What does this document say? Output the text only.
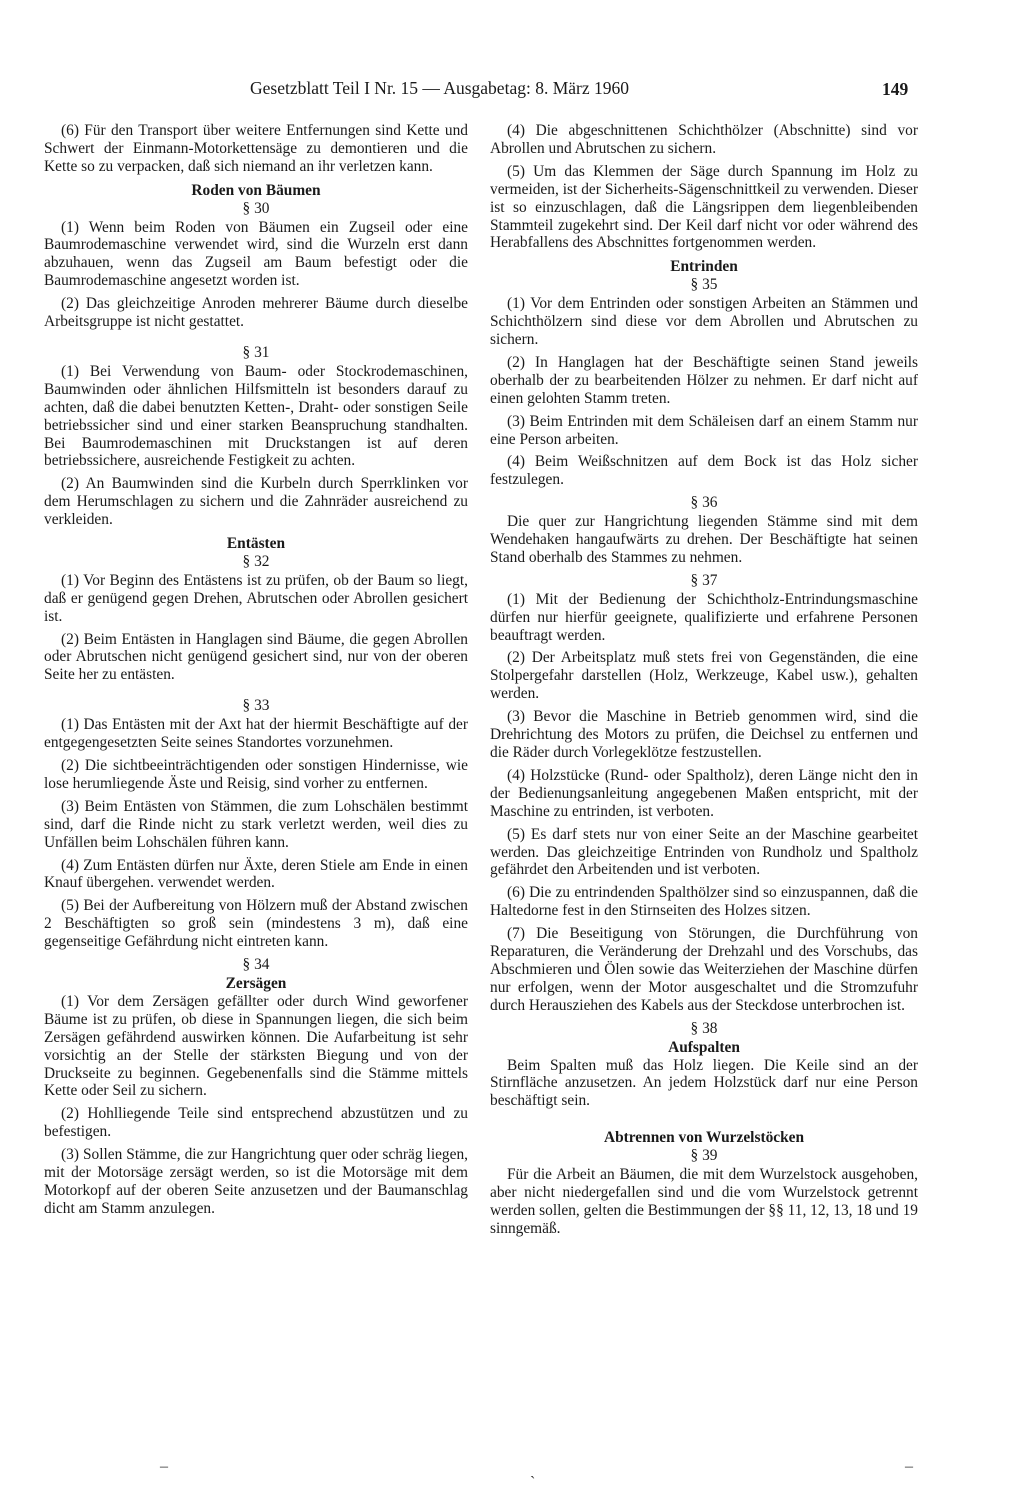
Gesetzblatt Teil I Nr. 15 — Ausgabetag: 8. März 1960	149

(6) Für den Transport über weitere Entfernungen sind Kette und Schwert der Einmann-Motorkettensäge zu demontieren und die Kette so zu verpacken, daß sich niemand an ihr verletzen kann.

Roden von Bäumen
§ 30

(1) Wenn beim Roden von Bäumen ein Zugseil oder eine Baumrodemaschine verwendet wird, sind die Wurzeln erst dann abzuhauen, wenn das Zugseil am Baum befestigt oder die Baumrodemaschine angesetzt worden ist.

(2) Das gleichzeitige Anroden mehrerer Bäume durch dieselbe Arbeitsgruppe ist nicht gestattet.

§ 31

(1) Bei Verwendung von Baum- oder Stockrodemaschinen, Baumwinden oder ähnlichen Hilfsmitteln ist besonders darauf zu achten, daß die dabei benutzten Ketten-, Draht- oder sonstigen Seile betriebssicher sind und einer starken Beanspruchung standhalten. Bei Baumrodemaschinen mit Druckstangen ist auf deren betriebssichere, ausreichende Festigkeit zu achten.

(2) An Baumwinden sind die Kurbeln durch Sperrklinken vor dem Herumschlagen zu sichern und die Zahnräder ausreichend zu verkleiden.

Entästen
§ 32

(1) Vor Beginn des Entästens ist zu prüfen, ob der Baum so liegt, daß er genügend gegen Drehen, Abrutschen oder Abrollen gesichert ist.

(2) Beim Entästen in Hanglagen sind Bäume, die gegen Abrollen oder Abrutschen nicht genügend gesichert sind, nur von der oberen Seite her zu entästen.

§ 33

(1) Das Entästen mit der Axt hat der hiermit Beschäftigte auf der entgegengesetzten Seite seines Standortes vorzunehmen.

(2) Die sichtbeeinträchtigenden oder sonstigen Hindernisse, wie lose herumliegende Äste und Reisig, sind vorher zu entfernen.

(3) Beim Entästen von Stämmen, die zum Lohschälen bestimmt sind, darf die Rinde nicht zu stark verletzt werden, weil dies zu Unfällen beim Lohschälen führen kann.

(4) Zum Entästen dürfen nur Äxte, deren Stiele am Ende in einen Knauf übergehen. verwendet werden.

(5) Bei der Aufbereitung von Hölzern muß der Abstand zwischen 2 Beschäftigten so groß sein (mindestens 3 m), daß eine gegenseitige Gefährdung nicht eintreten kann.

§ 34
Zersägen

(1) Vor dem Zersägen gefällter oder durch Wind geworfener Bäume ist zu prüfen, ob diese in Spannungen liegen, die sich beim Zersägen gefährdend auswirken können. Die Aufarbeitung ist sehr vorsichtig an der Stelle der stärksten Biegung und von der Druckseite zu beginnen. Gegebenenfalls sind die Stämme mittels Kette oder Seil zu sichern.

(2) Hohlliegende Teile sind entsprechend abzustützen und zu befestigen.

(3) Sollen Stämme, die zur Hangrichtung quer oder schräg liegen, mit der Motorsäge zersägt werden, so ist die Motorsäge mit dem Motorkopf auf der oberen Seite anzusetzen und der Baumanschlag dicht am Stamm anzulegen.

(4) Die abgeschnittenen Schichthölzer (Abschnitte) sind vor Abrollen und Abrutschen zu sichern.

(5) Um das Klemmen der Säge durch Spannung im Holz zu vermeiden, ist der Sicherheits-Sägenschnittkeil zu verwenden. Dieser ist so einzuschlagen, daß die Längsrippen dem liegenbleibenden Stammteil zugekehrt sind. Der Keil darf nicht vor oder während des Herabfallens des Abschnittes fortgenommen werden.

Entrinden
§ 35

(1) Vor dem Entrinden oder sonstigen Arbeiten an Stämmen und Schichthölzern sind diese vor dem Abrollen und Abrutschen zu sichern.

(2) In Hanglagen hat der Beschäftigte seinen Stand jeweils oberhalb der zu bearbeitenden Hölzer zu nehmen. Er darf nicht auf einen gelohten Stamm treten.

(3) Beim Entrinden mit dem Schäleisen darf an einem Stamm nur eine Person arbeiten.

(4) Beim Weißschnitzen auf dem Bock ist das Holz sicher festzulegen.

§ 36

Die quer zur Hangrichtung liegenden Stämme sind mit dem Wendehaken hangaufwärts zu drehen. Der Beschäftigte hat seinen Stand oberhalb des Stammes zu nehmen.

§ 37

(1) Mit der Bedienung der Schichtholz-Entrindungsmaschine dürfen nur hierfür geeignete, qualifizierte und erfahrene Personen beauftragt werden.

(2) Der Arbeitsplatz muß stets frei von Gegenständen, die eine Stolpergefahr darstellen (Holz, Werkzeuge, Kabel usw.), gehalten werden.

(3) Bevor die Maschine in Betrieb genommen wird, sind die Drehrichtung des Motors zu prüfen, die Deichsel zu entfernen und die Räder durch Vorlegeklötze festzustellen.

(4) Holzstücke (Rund- oder Spaltholz), deren Länge nicht den in der Bedienungsanleitung angegebenen Maßen entspricht, mit der Maschine zu entrinden, ist verboten.

(5) Es darf stets nur von einer Seite an der Maschine gearbeitet werden. Das gleichzeitige Entrinden von Rundholz und Spaltholz gefährdet den Arbeitenden und ist verboten.

(6) Die zu entrindenden Spalthölzer sind so einzuspannen, daß die Haltedorne fest in den Stirnseiten des Holzes sitzen.

(7) Die Beseitigung von Störungen, die Durchführung von Reparaturen, die Veränderung der Drehzahl und des Vorschubs, das Abschmieren und Ölen sowie das Weiterziehen der Maschine dürfen nur erfolgen, wenn der Motor ausgeschaltet und die Stromzufuhr durch Herausziehen des Kabels aus der Steckdose unterbrochen ist.

§ 38
Aufspalten

Beim Spalten muß das Holz liegen. Die Keile sind an der Stirnfläche anzusetzen. An jedem Holzstück darf nur eine Person beschäftigt sein.

Abtrennen von Wurzelstöcken
§ 39

Für die Arbeit an Bäumen, die mit dem Wurzelstock ausgehoben, aber nicht niedergefallen sind und die vom Wurzelstock getrennt werden sollen, gelten die Bestimmungen der §§ 11, 12, 13, 18 und 19 sinngemäß.

–	ˎ	–
